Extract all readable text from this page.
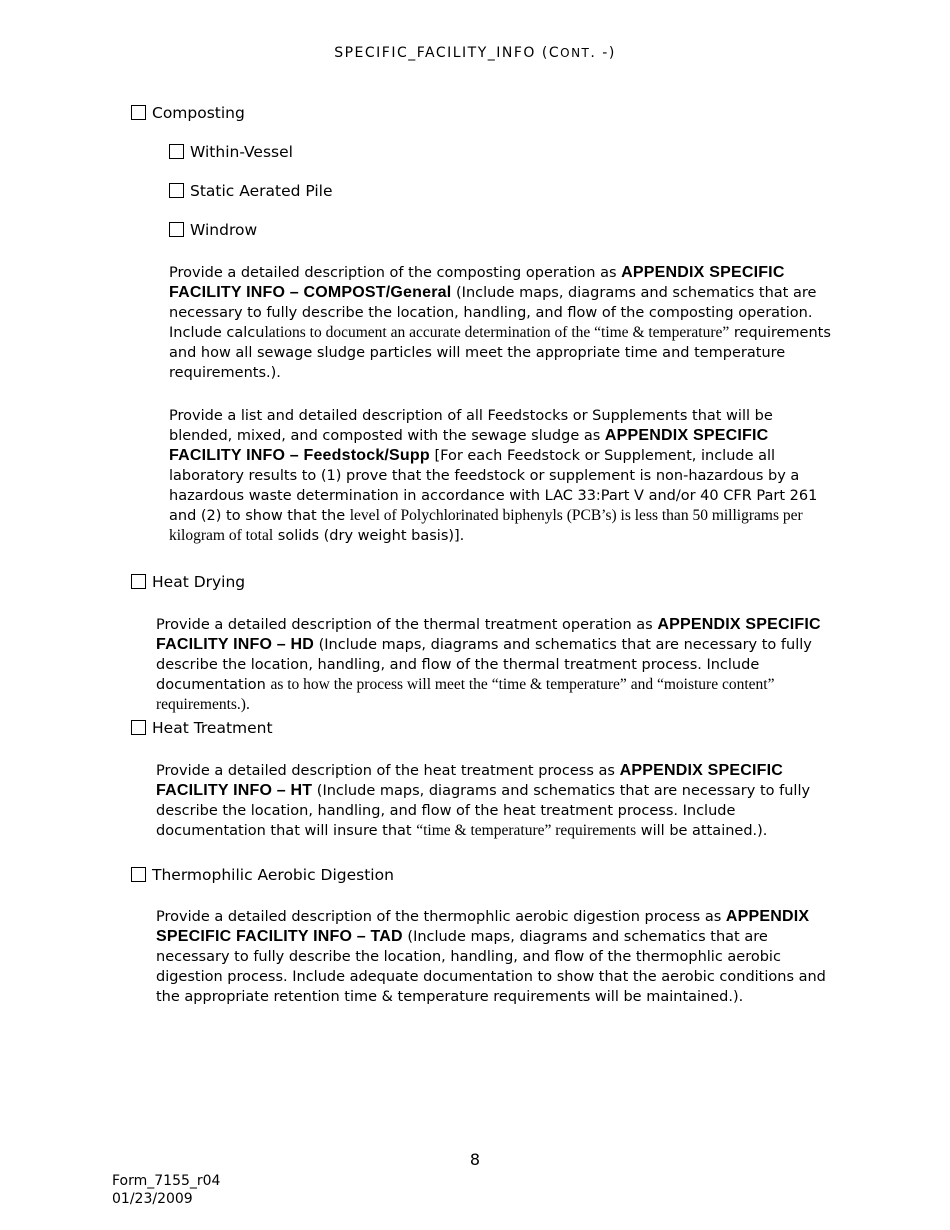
SPECIFIC_FACILITY_INFO (CONT. -)
Composting
Within-Vessel
Static Aerated Pile
Windrow
Provide a detailed description of the composting operation as APPENDIX SPECIFIC FACILITY INFO – COMPOST/General (Include maps, diagrams and schematics that are necessary to fully describe the location, handling, and flow of the composting operation. Include calculations to document an accurate determination of the “time & temperature” requirements and how all sewage sludge particles will meet the appropriate time and temperature requirements.).
Provide a list and detailed description of all Feedstocks or Supplements that will be blended, mixed, and composted with the sewage sludge as APPENDIX SPECIFIC FACILITY INFO – Feedstock/Supp [For each Feedstock or Supplement, include all laboratory results to (1) prove that the feedstock or supplement is non-hazardous by a hazardous waste determination in accordance with LAC 33:Part V and/or 40 CFR Part 261 and (2) to show that the level of Polychlorinated biphenyls (PCB’s) is less than 50 milligrams per kilogram of total solids (dry weight basis)].
Heat Drying
Provide a detailed description of the thermal treatment operation as APPENDIX SPECIFIC FACILITY INFO – HD (Include maps, diagrams and schematics that are necessary to fully describe the location, handling, and flow of the thermal treatment process. Include documentation as to how the process will meet the “time & temperature” and “moisture content” requirements.).
Heat Treatment
Provide a detailed description of the heat treatment process as APPENDIX SPECIFIC FACILITY INFO – HT (Include maps, diagrams and schematics that are necessary to fully describe the location, handling, and flow of the heat treatment process. Include documentation that will insure that “time & temperature” requirements will be attained.).
Thermophilic Aerobic Digestion
Provide a detailed description of the thermophlic aerobic digestion process as APPENDIX SPECIFIC FACILITY INFO – TAD (Include maps, diagrams and schematics that are necessary to fully describe the location, handling, and flow of the thermophlic aerobic digestion process. Include adequate documentation to show that the aerobic conditions and the appropriate retention time & temperature requirements will be maintained.).
8
Form_7155_r04
01/23/2009
